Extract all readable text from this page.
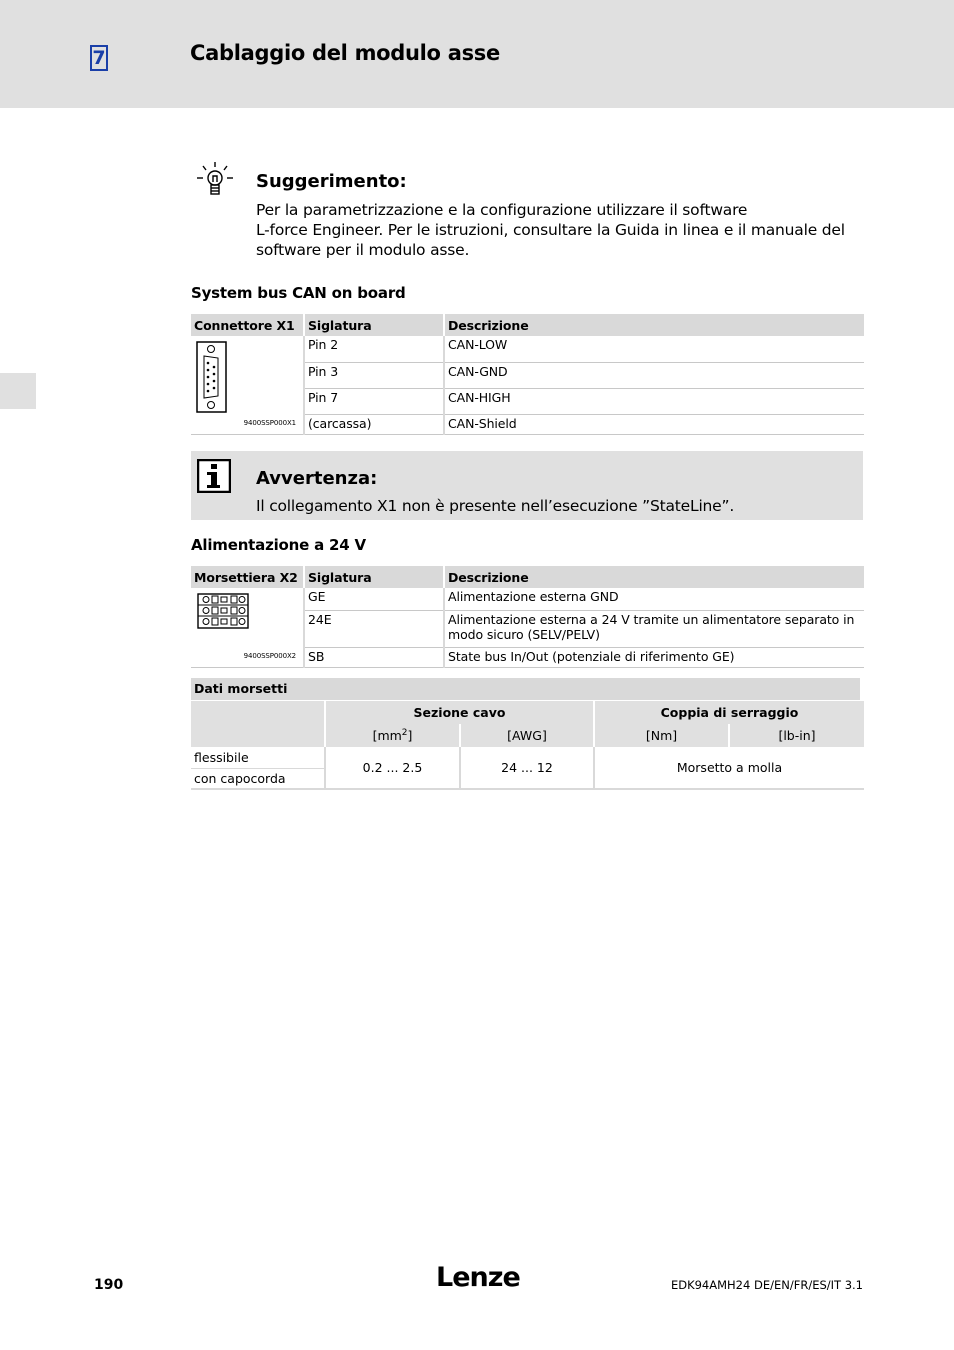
7	Cablaggio del modulo asse
Suggerimento:
Per la parametrizzazione e la configurazione utilizzare il software
L-force Engineer. Per le istruzioni, consultare la Guida in linea e il manuale del
software per il modulo asse.
System bus CAN on board
Connettore X1	Siglatura	Descrizione

9400SSP000X1	Pin 2	CAN-LOW
	Pin 3	CAN-GND
	Pin 7	CAN-HIGH
	(carcassa)	CAN-Shield
Avvertenza:
Il collegamento X1 non è presente nell’esecuzione ”StateLine”.
Alimentazione a 24 V
Morsettiera X2	Siglatura	Descrizione

9400SSP000X2	GE	Alimentazione esterna GND
	24E	Alimentazione esterna a 24 V tramite un alimentatore separato in modo sicuro (SELV/PELV)
	SB	State bus In/Out (potenziale di riferimento GE)
Dati morsetti
	Sezione cavo		Coppia di serraggio	
	$[mm^2]$	[AWG]	[Nm]	[lb-in]
flessibile	0.2 ... 2.5	24 ... 12	Morsetto a molla	
con capocorda				
190	Lenze	EDK94AMH24 DE/EN/FR/ES/IT 3.1
